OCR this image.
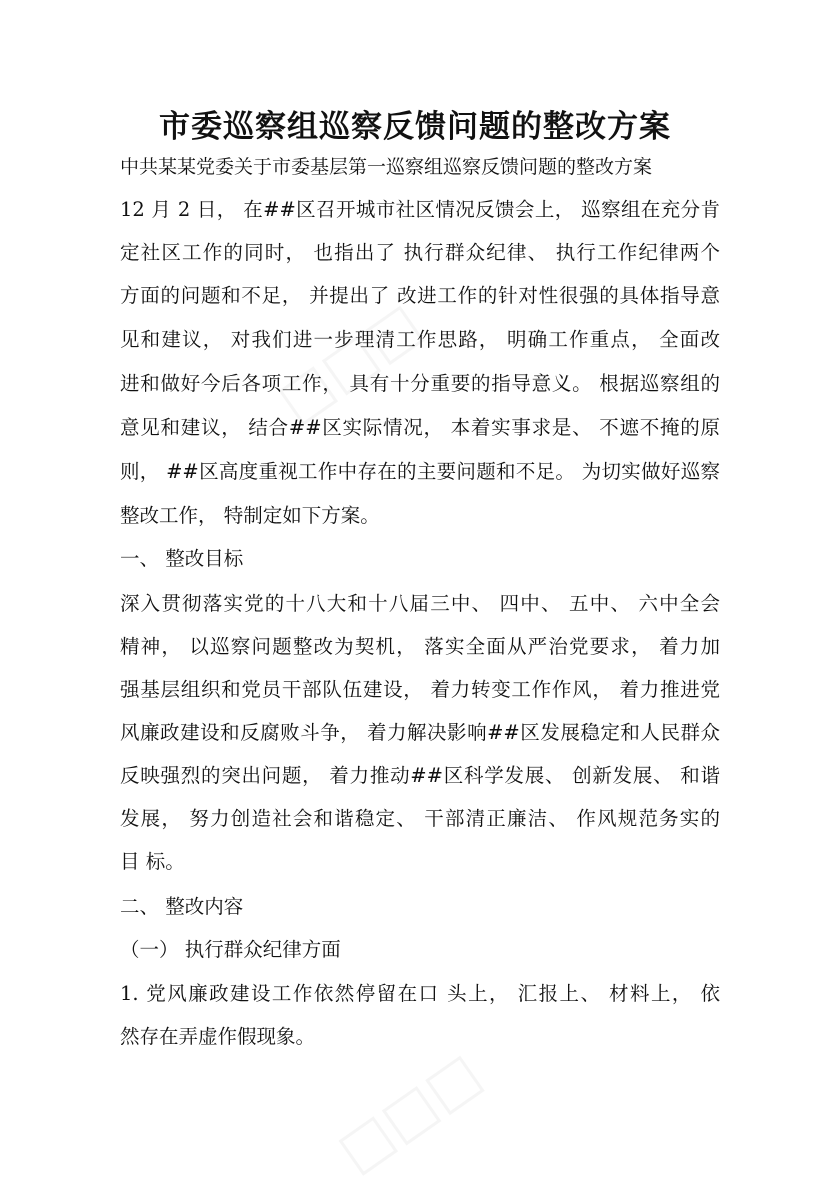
市委巡察组巡察反馈问题的整改方案
中共某某党委关于市委基层第一巡察组巡察反馈问题的整改方案
12 月 2 日， 在##区召开城市社区情况反馈会上， 巡察组在充分肯
定社区工作的同时， 也指出了 执行群众纪律、 执行工作纪律两个
方面的问题和不足， 并提出了 改进工作的针对性很强的具体指导意
见和建议， 对我们进一步理清工作思路， 明确工作重点， 全面改
进和做好今后各项工作， 具有十分重要的指导意义。 根据巡察组的
意见和建议， 结合##区实际情况， 本着实事求是、 不遮不掩的原
则， ##区高度重视工作中存在的主要问题和不足。 为切实做好巡察
整改工作， 特制定如下方案。
一、 整改目标
深入贯彻落实党的十八大和十八届三中、 四中、 五中、 六中全会
精神， 以巡察问题整改为契机， 落实全面从严治党要求， 着力加
强基层组织和党员干部队伍建设， 着力转变工作作风， 着力推进党
风廉政建设和反腐败斗争， 着力解决影响##区发展稳定和人民群众
反映强烈的突出问题， 着力推动##区科学发展、 创新发展、 和谐
发展， 努力创造社会和谐稳定、 干部清正廉洁、 作风规范务实的
目 标。
二、 整改内容
（一） 执行群众纪律方面
1. 党风廉政建设工作依然停留在口 头上， 汇报上、 材料上， 依
然存在弄虚作假现象。
